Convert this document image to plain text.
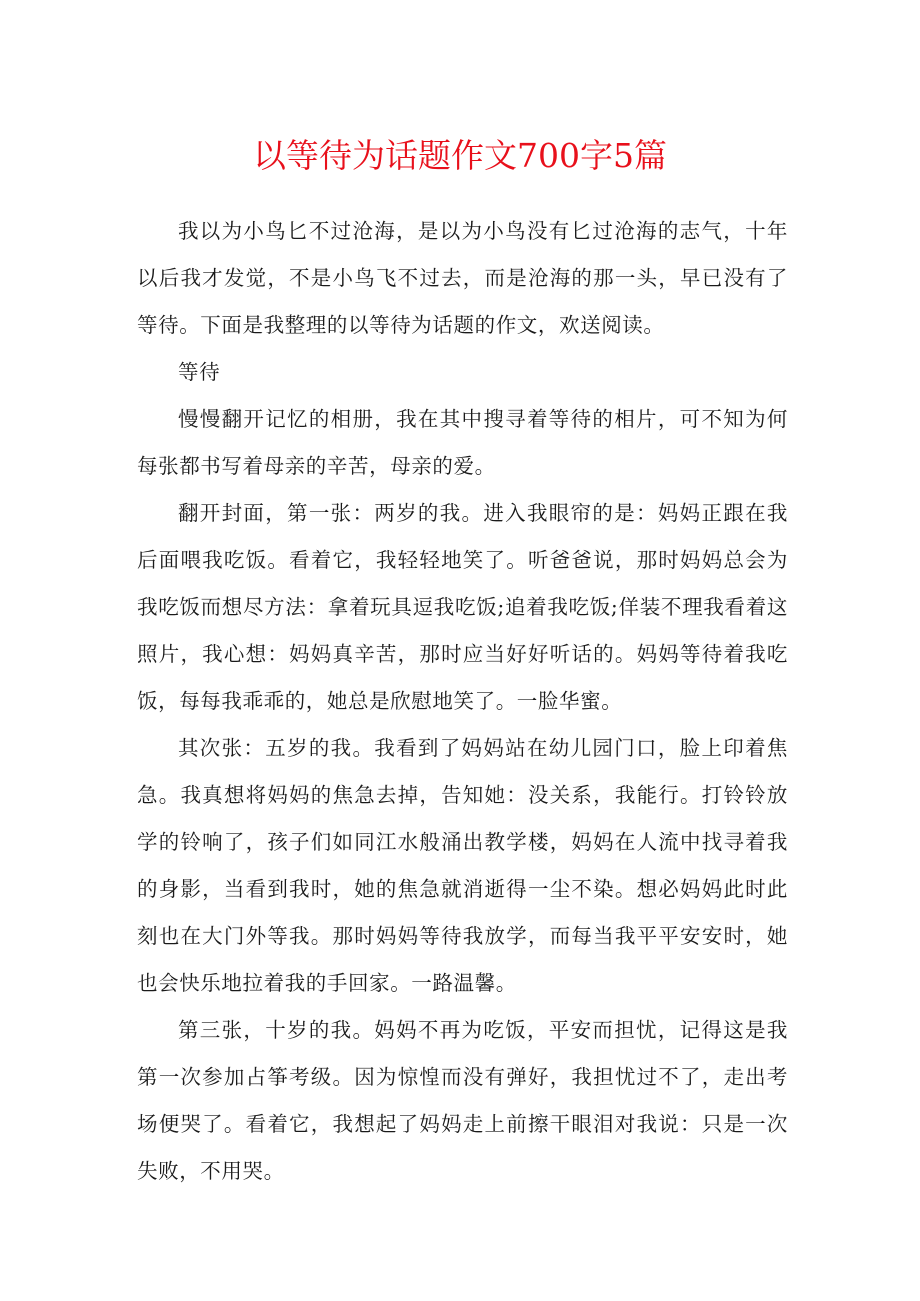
以等待为话题作文700字5篇

我以为小鸟匕不过沧海，是以为小鸟没有匕过沧海的志气，十年以后我才发觉，不是小鸟飞不过去，而是沧海的那一头，早已没有了等待。下面是我整理的以等待为话题的作文，欢送阅读。

等待

慢慢翻开记忆的相册，我在其中搜寻着等待的相片，可不知为何每张都书写着母亲的辛苦，母亲的爱。

翻开封面，第一张：两岁的我。进入我眼帘的是：妈妈正跟在我后面喂我吃饭。看着它，我轻轻地笑了。听爸爸说，那时妈妈总会为我吃饭而想尽方法：拿着玩具逗我吃饭;追着我吃饭;佯装不理我看着这照片，我心想：妈妈真辛苦，那时应当好好听话的。妈妈等待着我吃饭，每每我乖乖的，她总是欣慰地笑了。一脸华蜜。

其次张：五岁的我。我看到了妈妈站在幼儿园门口，脸上印着焦急。我真想将妈妈的焦急去掉，告知她：没关系，我能行。打铃铃放学的铃响了，孩子们如同江水般涌出教学楼，妈妈在人流中找寻着我的身影，当看到我时，她的焦急就消逝得一尘不染。想必妈妈此时此刻也在大门外等我。那时妈妈等待我放学，而每当我平平安安时，她也会快乐地拉着我的手回家。一路温馨。

第三张，十岁的我。妈妈不再为吃饭，平安而担忧，记得这是我第一次参加占筝考级。因为惊惶而没有弹好，我担忧过不了，走出考场便哭了。看着它，我想起了妈妈走上前擦干眼泪对我说：只是一次失败，不用哭。
